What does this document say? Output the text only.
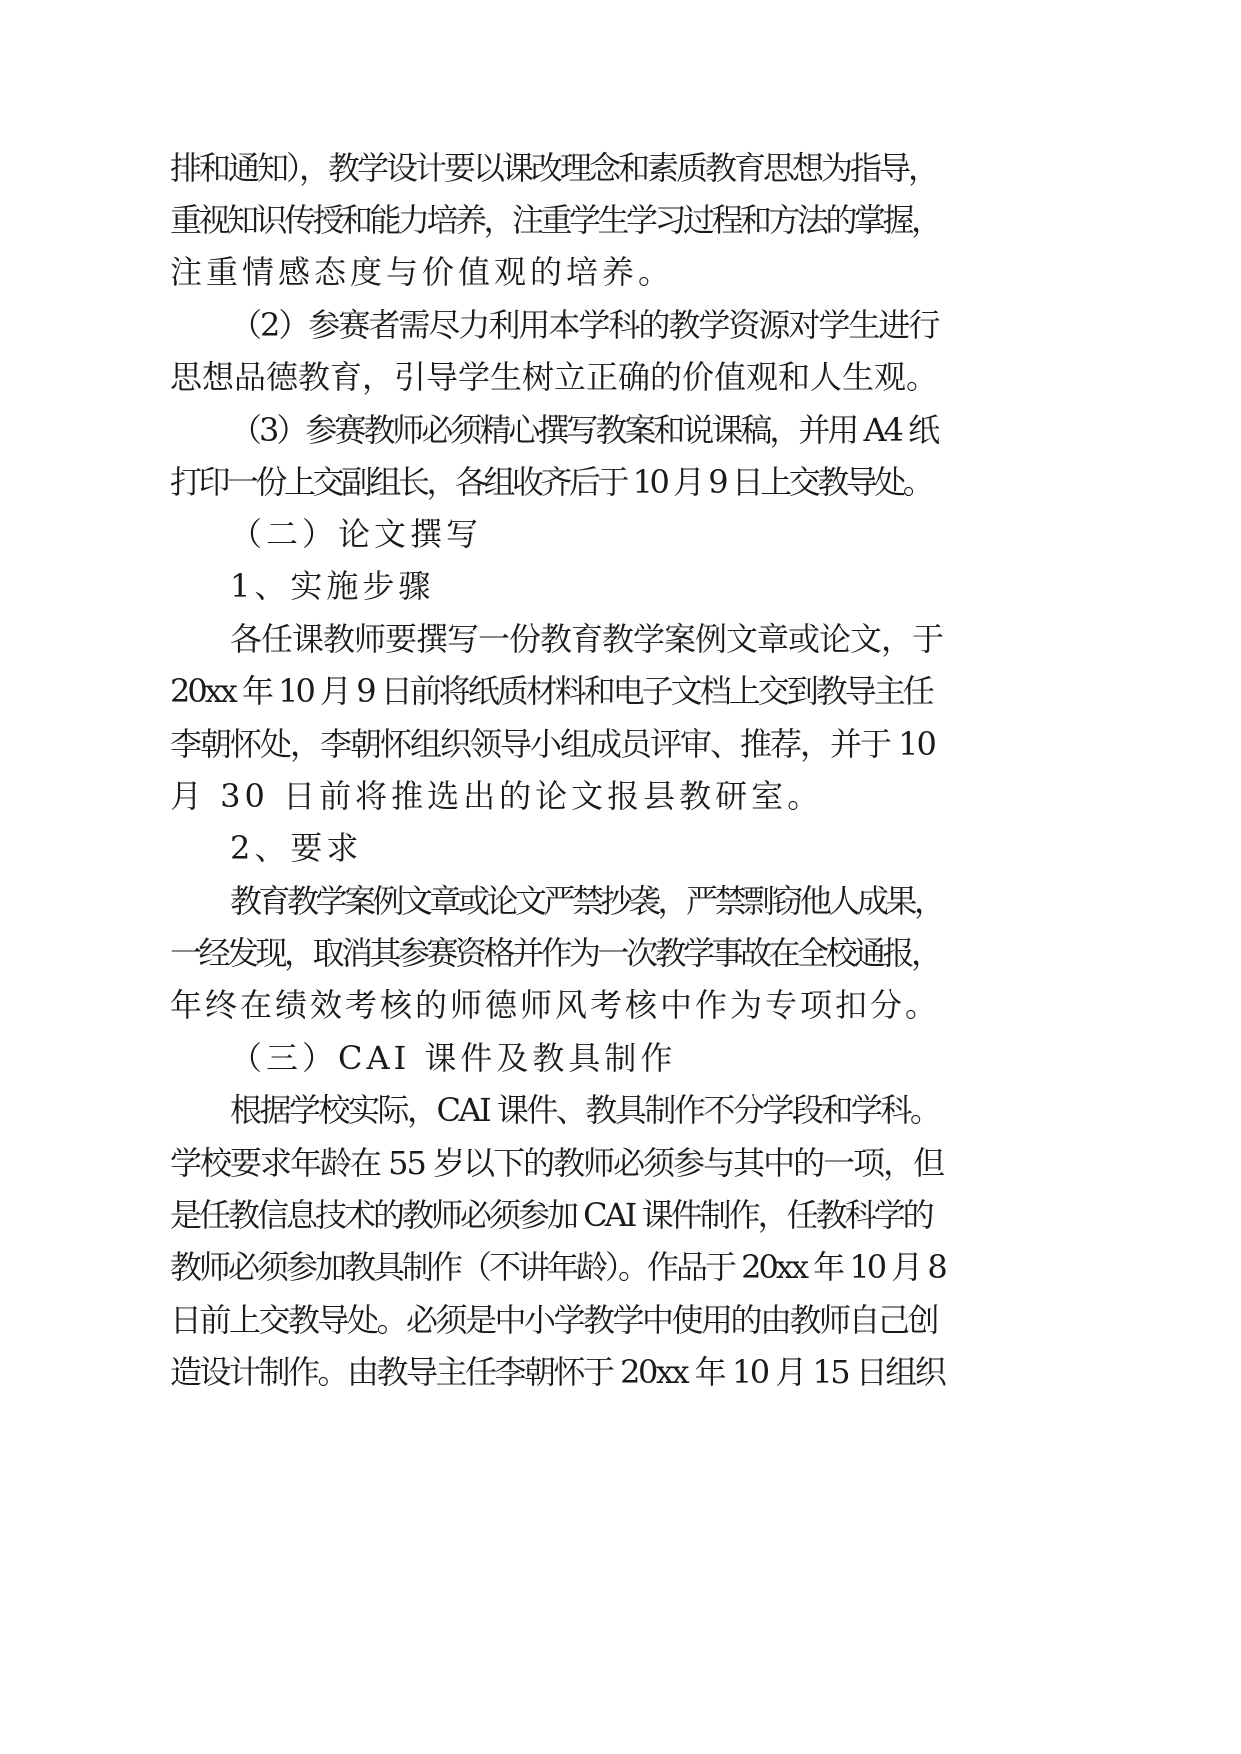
排和通知），教学设计要以课改理念和素质教育思想为指导，
重视知识传授和能力培养，注重学生学习过程和方法的掌握，
注重情感态度与价值观的培养。
（2）参赛者需尽力利用本学科的教学资源对学生进行
思想品德教育，引导学生树立正确的价值观和人生观。
（3）参赛教师必须精心撰写教案和说课稿，并用 A4 纸
打印一份上交副组长，各组收齐后于 10 月 9 日上交教导处。
（二）论文撰写
1、实施步骤
各任课教师要撰写一份教育教学案例文章或论文，于
20xx 年 10 月 9 日前将纸质材料和电子文档上交到教导主任
李朝怀处，李朝怀组织领导小组成员评审、推荐，并于 10
月 30 日前将推选出的论文报县教研室。
2、要求
教育教学案例文章或论文严禁抄袭，严禁剽窃他人成果，
一经发现，取消其参赛资格并作为一次教学事故在全校通报，
年终在绩效考核的师德师风考核中作为专项扣分。
（三）CAI 课件及教具制作
根据学校实际，CAI 课件、教具制作不分学段和学科。
学校要求年龄在 55 岁以下的教师必须参与其中的一项，但
是任教信息技术的教师必须参加 CAI 课件制作，任教科学的
教师必须参加教具制作（不讲年龄）。作品于 20xx 年 10 月 8
日前上交教导处。必须是中小学教学中使用的由教师自己创
造设计制作。由教导主任李朝怀于 20xx 年 10 月 15 日组织
